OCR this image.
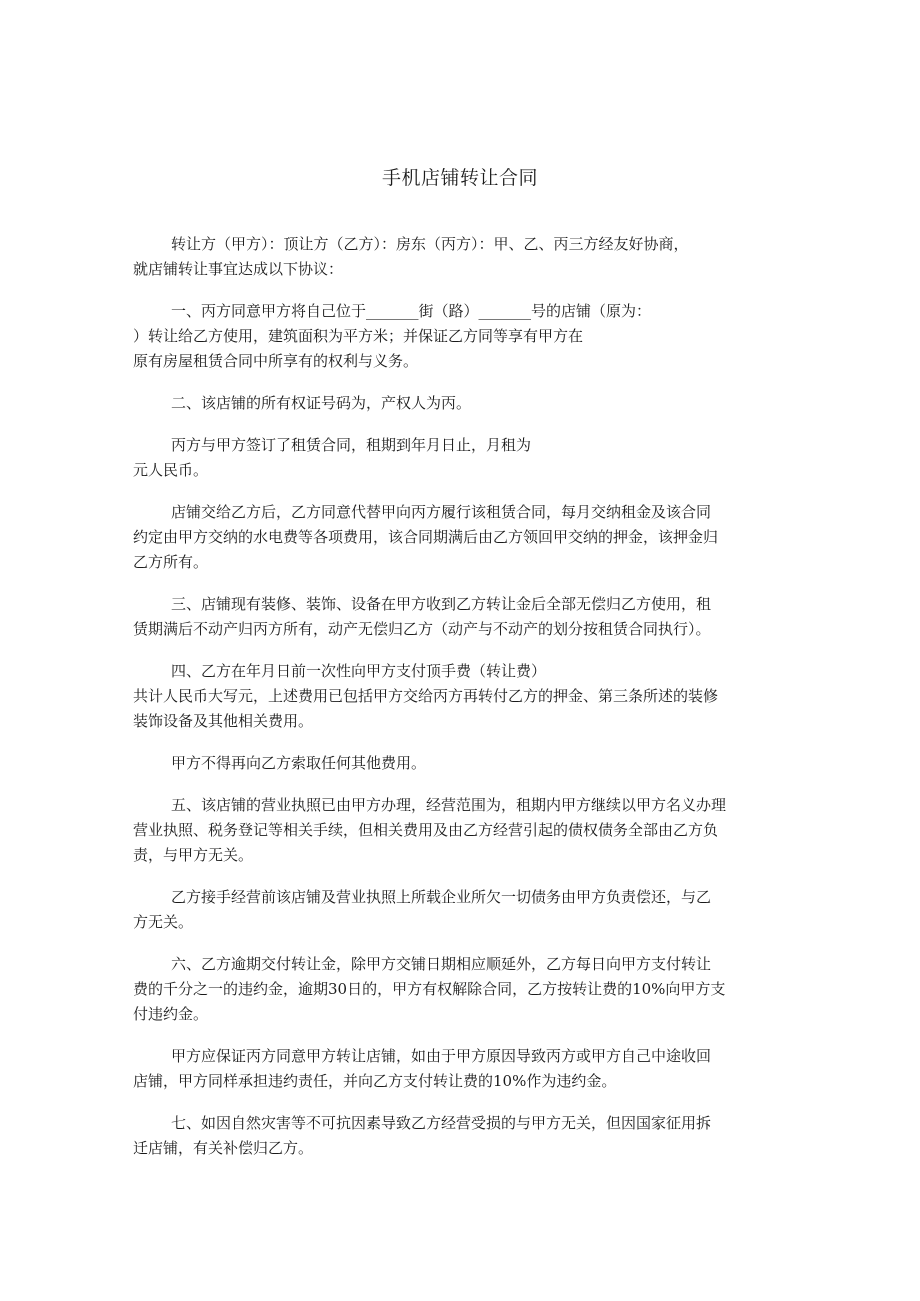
手机店铺转让合同
转让方（甲方）：顶让方（乙方）：房东（丙方）：甲、乙、丙三方经友好协商，
就店铺转让事宜达成以下协议：
一、丙方同意甲方将自己位于_______街（路）_______号的店铺（原为：
）转让给乙方使用，建筑面积为平方米；并保证乙方同等享有甲方在
原有房屋租赁合同中所享有的权利与义务。
二、该店铺的所有权证号码为，产权人为丙。
丙方与甲方签订了租赁合同，租期到年月日止，月租为
元人民币。
店铺交给乙方后，乙方同意代替甲向丙方履行该租赁合同，每月交纳租金及该合同
约定由甲方交纳的水电费等各项费用，该合同期满后由乙方领回甲交纳的押金，该押金归
乙方所有。
三、店铺现有装修、装饰、设备在甲方收到乙方转让金后全部无偿归乙方使用，租
赁期满后不动产归丙方所有，动产无偿归乙方（动产与不动产的划分按租赁合同执行）。
四、乙方在年月日前一次性向甲方支付顶手费（转让费）
共计人民币大写元，上述费用已包括甲方交给丙方再转付乙方的押金、第三条所述的装修
装饰设备及其他相关费用。
甲方不得再向乙方索取任何其他费用。
五、该店铺的营业执照已由甲方办理，经营范围为，租期内甲方继续以甲方名义办理
营业执照、税务登记等相关手续，但相关费用及由乙方经营引起的债权债务全部由乙方负
责，与甲方无关。
乙方接手经营前该店铺及营业执照上所载企业所欠一切债务由甲方负责偿还，与乙
方无关。
六、乙方逾期交付转让金，除甲方交铺日期相应顺延外，乙方每日向甲方支付转让
费的千分之一的违约金，逾期30日的，甲方有权解除合同，乙方按转让费的10%向甲方支
付违约金。
甲方应保证丙方同意甲方转让店铺，如由于甲方原因导致丙方或甲方自己中途收回
店铺，甲方同样承担违约责任，并向乙方支付转让费的10%作为违约金。
七、如因自然灾害等不可抗因素导致乙方经营受损的与甲方无关，但因国家征用拆
迁店铺，有关补偿归乙方。
